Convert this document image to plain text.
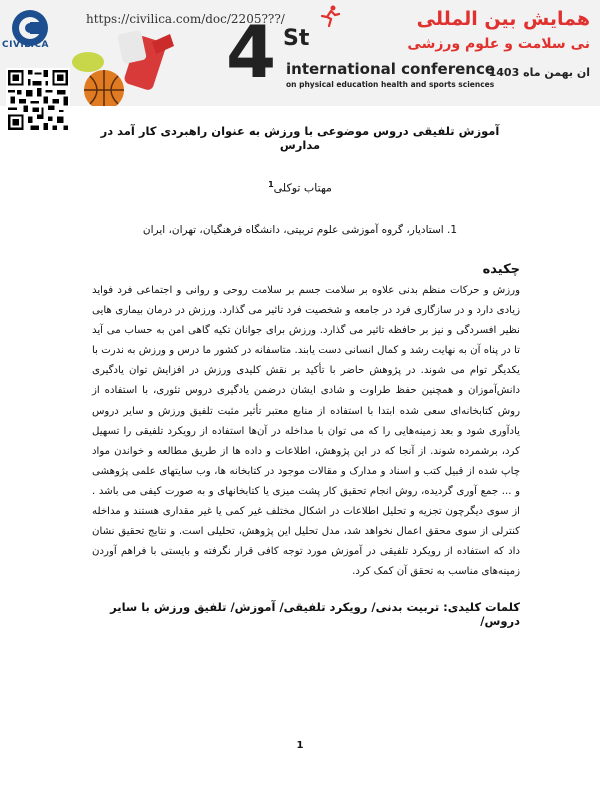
CIVILICA
https://civilica.com/doc/2205???/
4 St
international conference
on physical education health and sports sciences
همایش بین المللی
نی سلامت و علوم ورزشی
ان بهمن ماه 1403
آموزش تلفیقی دروس موضوعی با ورزش به عنوان راهبردی کار آمد در مدارس
مهتاب توکلی$^1$
1. استادیار، گروه آموزشی علوم تربیتی، دانشگاه فرهنگیان، تهران، ایران
چکیده
ورزش و حرکات منظم بدنی علاوه بر سلامت جسم بر سلامت روحی و روانی و اجتماعی فرد فواید زیادی دارد و در سازگاری فرد در جامعه و شخصیت فرد تاثیر می گذارد. ورزش در درمان بیماری هایی نظیر افسردگی و نیز بر حافظه تاثیر می گذارد. ورزش برای جوانان تکیه گاهی امن به حساب می آید تا در پناه آن به نهایت رشد و کمال انسانی دست یابند. متاسفانه در کشور ما درس و ورزش به ندرت با یکدیگر توام می شوند. در پژوهش حاضر با تأکید بر نقش کلیدی ورزش در افزایش توان یادگیری دانش‌آموزان و همچنین حفظ طراوت و شادی ایشان درضمن یادگیری دروس تئوری، با استفاده از روش کتابخانه‌ای سعی شده ابتدا با استفاده از منابع معتبر تأثیر مثبت تلفیق ورزش و سایر دروس یادآوری شود و بعد زمینه‌هایی را که می توان با مداخله در آن‌ها استفاده از رویکرد تلفیقی را تسهیل کرد، برشمرده شوند. از آنجا که در این پژوهش، اطلاعات و داده ها از طریق مطالعه و خواندن مواد چاپ شده از قبیل کتب و اسناد و مدارک و مقالات موجود در کتابخانه ها، وب سایتهای علمی پژوهشی و ... جمع آوری گردیده، روش انجام تحقیق کار پشت میزی یا کتابخانهای و به صورت کیفی می باشد . از سوی دیگرچون تجزیه و تحلیل اطلاعات در اشکال مختلف غیر کمی یا غیر مقداری هستند و مداخله کنترلی از سوی محقق اعمال نخواهد شد، مدل تحلیل این پژوهش، تحلیلی است. و نتایج تحقیق نشان داد که استفاده از رویکرد تلفیقی در آموزش مورد توجه کافی قرار نگرفته و بایستی با فراهم آوردن زمینه‌های مناسب به تحقق آن کمک کرد.
کلمات کلیدی: تربیت بدنی/ رویکرد تلفیقی/ آموزش/ تلفیق ورزش با سایر دروس/
1
